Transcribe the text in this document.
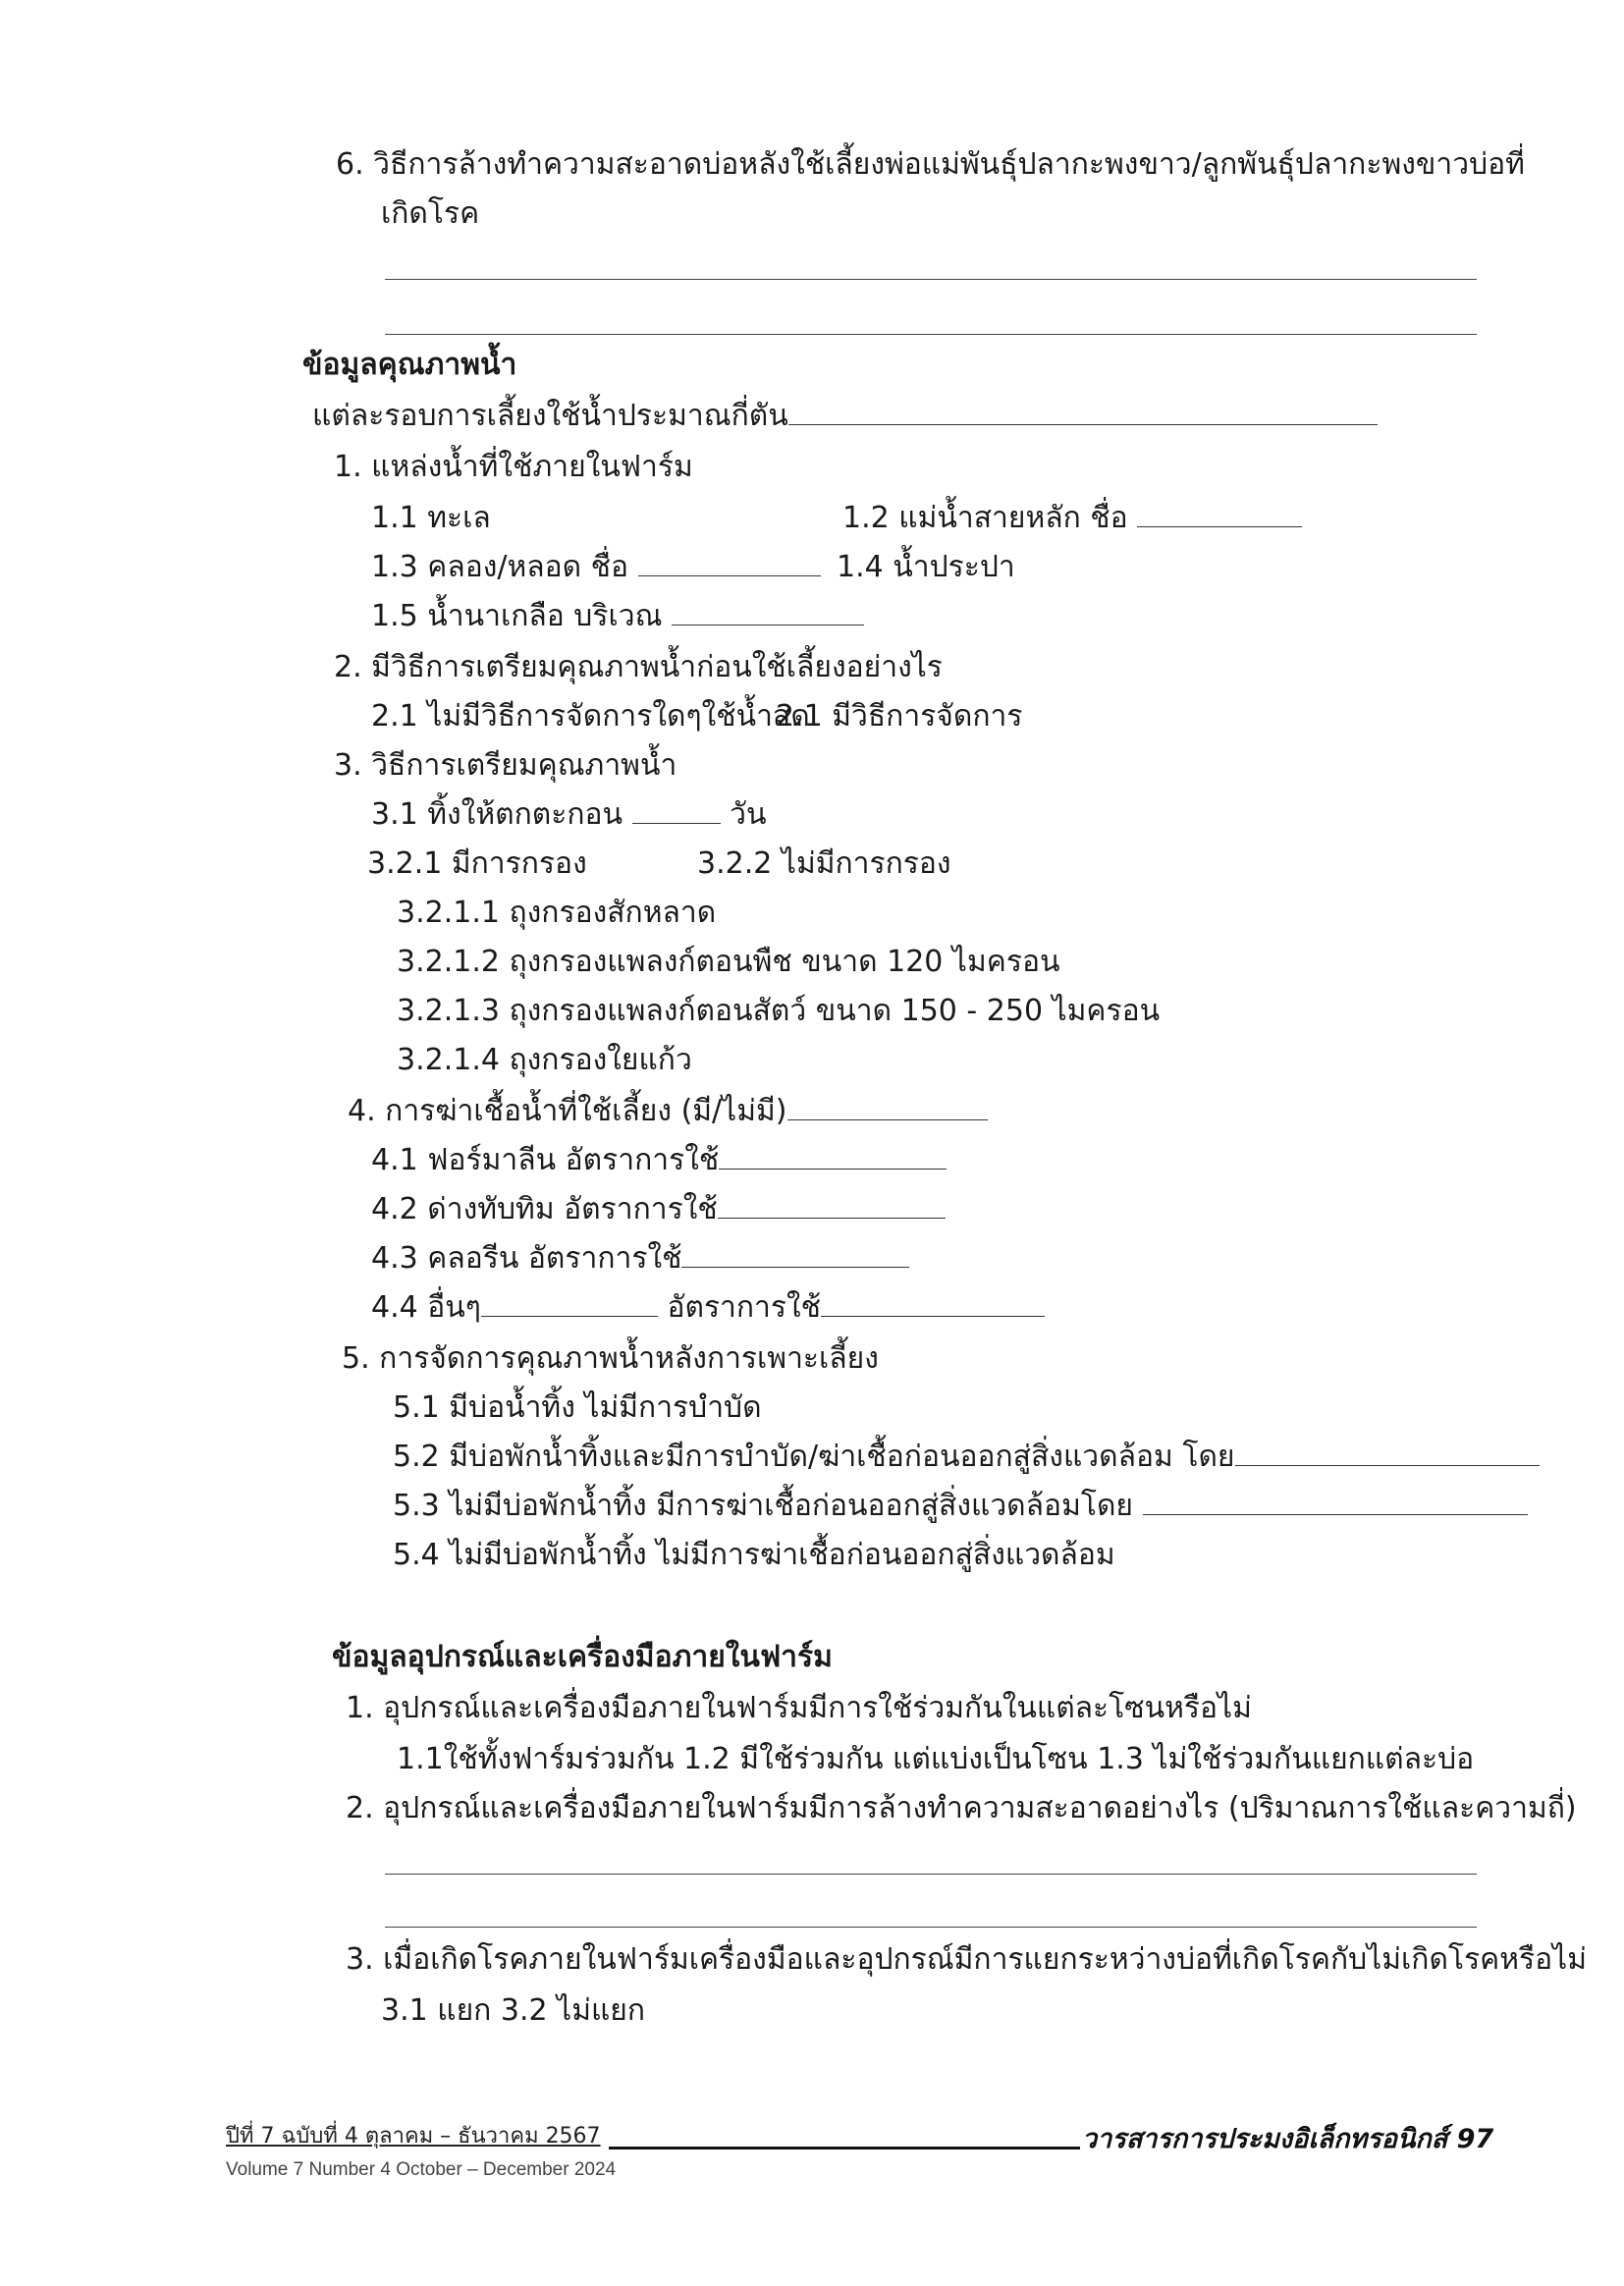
6. วิธีการล้างทำความสะอาดบ่อหลังใช้เลี้ยงพ่อแม่พันธุ์ปลากะพงขาว/ลูกพันธุ์ปลากะพงขาวบ่อที่
เกิดโรค
ข้อมูลคุณภาพน้ำ
แต่ละรอบการเลี้ยงใช้น้ำประมาณกี่ตัน
1. แหล่งน้ำที่ใช้ภายในฟาร์ม
1.1 ทะเล	1.2 แม่น้ำสายหลัก ชื่อ
1.3 คลอง/หลอด ชื่อ	1.4 น้ำประปา
1.5 น้ำนาเกลือ บริเวณ
2. มีวิธีการเตรียมคุณภาพน้ำก่อนใช้เลี้ยงอย่างไร
2.1 ไม่มีวิธีการจัดการใดๆใช้น้ำสด
2.1 มีวิธีการจัดการ
3. วิธีการเตรียมคุณภาพน้ำ
3.1 ทิ้งให้ตกตะกอน	วัน
3.2.1 มีการกรอง	3.2.2 ไม่มีการกรอง
3.2.1.1 ถุงกรองสักหลาด
3.2.1.2 ถุงกรองแพลงก์ตอนพืช ขนาด 120 ไมครอน
3.2.1.3 ถุงกรองแพลงก์ตอนสัตว์ ขนาด 150 - 250 ไมครอน
3.2.1.4 ถุงกรองใยแก้ว
4. การฆ่าเชื้อน้ำที่ใช้เลี้ยง (มี/ไม่มี)
4.1 ฟอร์มาลีน อัตราการใช้
4.2 ด่างทับทิม อัตราการใช้
4.3 คลอรีน อัตราการใช้
4.4 อื่นๆ	อัตราการใช้
5. การจัดการคุณภาพน้ำหลังการเพาะเลี้ยง
5.1 มีบ่อน้ำทิ้ง ไม่มีการบำบัด
5.2 มีบ่อพักน้ำทิ้งและมีการบำบัด/ฆ่าเชื้อก่อนออกสู่สิ่งแวดล้อม โดย
5.3 ไม่มีบ่อพักน้ำทิ้ง มีการฆ่าเชื้อก่อนออกสู่สิ่งแวดล้อมโดย
5.4 ไม่มีบ่อพักน้ำทิ้ง ไม่มีการฆ่าเชื้อก่อนออกสู่สิ่งแวดล้อม
ข้อมูลอุปกรณ์และเครื่องมือภายในฟาร์ม
1. อุปกรณ์และเครื่องมือภายในฟาร์มมีการใช้ร่วมกันในแต่ละโซนหรือไม่
1.1ใช้ทั้งฟาร์มร่วมกัน 1.2 มีใช้ร่วมกัน แต่แบ่งเป็นโซน 1.3 ไม่ใช้ร่วมกันแยกแต่ละบ่อ
2. อุปกรณ์และเครื่องมือภายในฟาร์มมีการล้างทำความสะอาดอย่างไร (ปริมาณการใช้และความถี่)
3. เมื่อเกิดโรคภายในฟาร์มเครื่องมือและอุปกรณ์มีการแยกระหว่างบ่อที่เกิดโรคกับไม่เกิดโรคหรือไม่
3.1 แยก 3.2 ไม่แยก
ปีที่ 7 ฉบับที่ 4 ตุลาคม – ธันวาคม 2567
Volume 7 Number 4 October – December 2024
วารสารการประมงอิเล็กทรอนิกส์ 97
